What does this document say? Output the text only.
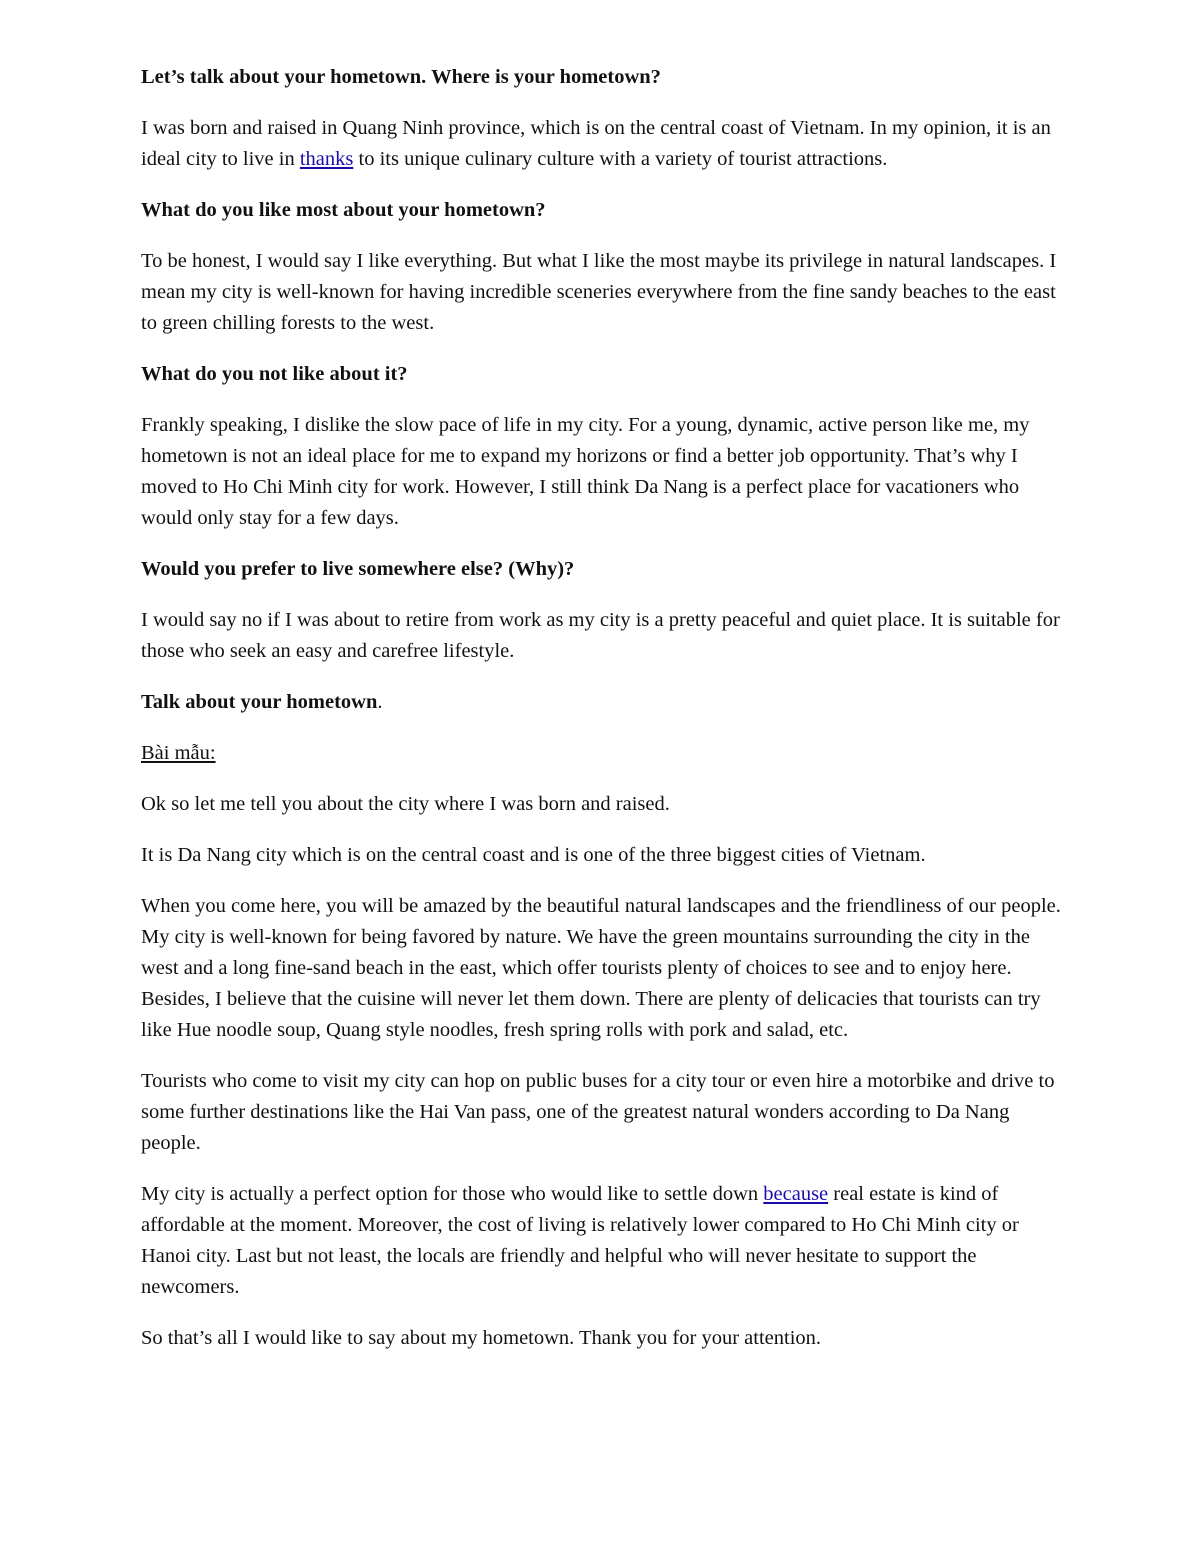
Let’s talk about your hometown. Where is your hometown?

I was born and raised in Quang Ninh province, which is on the central coast of Vietnam. In my opinion, it is an ideal city to live in thanks to its unique culinary culture with a variety of tourist attractions.

What do you like most about your hometown?

To be honest, I would say I like everything. But what I like the most maybe its privilege in natural landscapes. I mean my city is well-known for having incredible sceneries everywhere from the fine sandy beaches to the east to green chilling forests to the west.

What do you not like about it?

Frankly speaking, I dislike the slow pace of life in my city. For a young, dynamic, active person like me, my hometown is not an ideal place for me to expand my horizons or find a better job opportunity. That’s why I moved to Ho Chi Minh city for work. However, I still think Da Nang is a perfect place for vacationers who would only stay for a few days.

Would you prefer to live somewhere else? (Why)?

I would say no if I was about to retire from work as my city is a pretty peaceful and quiet place. It is suitable for those who seek an easy and carefree lifestyle.

Talk about your hometown.

Bài mẫu:

Ok so let me tell you about the city where I was born and raised.

It is Da Nang city which is on the central coast and is one of the three biggest cities of Vietnam.

When you come here, you will be amazed by the beautiful natural landscapes and the friendliness of our people. My city is well-known for being favored by nature. We have the green mountains surrounding the city in the west and a long fine-sand beach in the east, which offer tourists plenty of choices to see and to enjoy here. Besides, I believe that the cuisine will never let them down. There are plenty of delicacies that tourists can try like Hue noodle soup, Quang style noodles, fresh spring rolls with pork and salad, etc.

Tourists who come to visit my city can hop on public buses for a city tour or even hire a motorbike and drive to some further destinations like the Hai Van pass, one of the greatest natural wonders according to Da Nang people.

My city is actually a perfect option for those who would like to settle down because real estate is kind of affordable at the moment. Moreover, the cost of living is relatively lower compared to Ho Chi Minh city or Hanoi city. Last but not least, the locals are friendly and helpful who will never hesitate to support the newcomers.

So that’s all I would like to say about my hometown. Thank you for your attention.
